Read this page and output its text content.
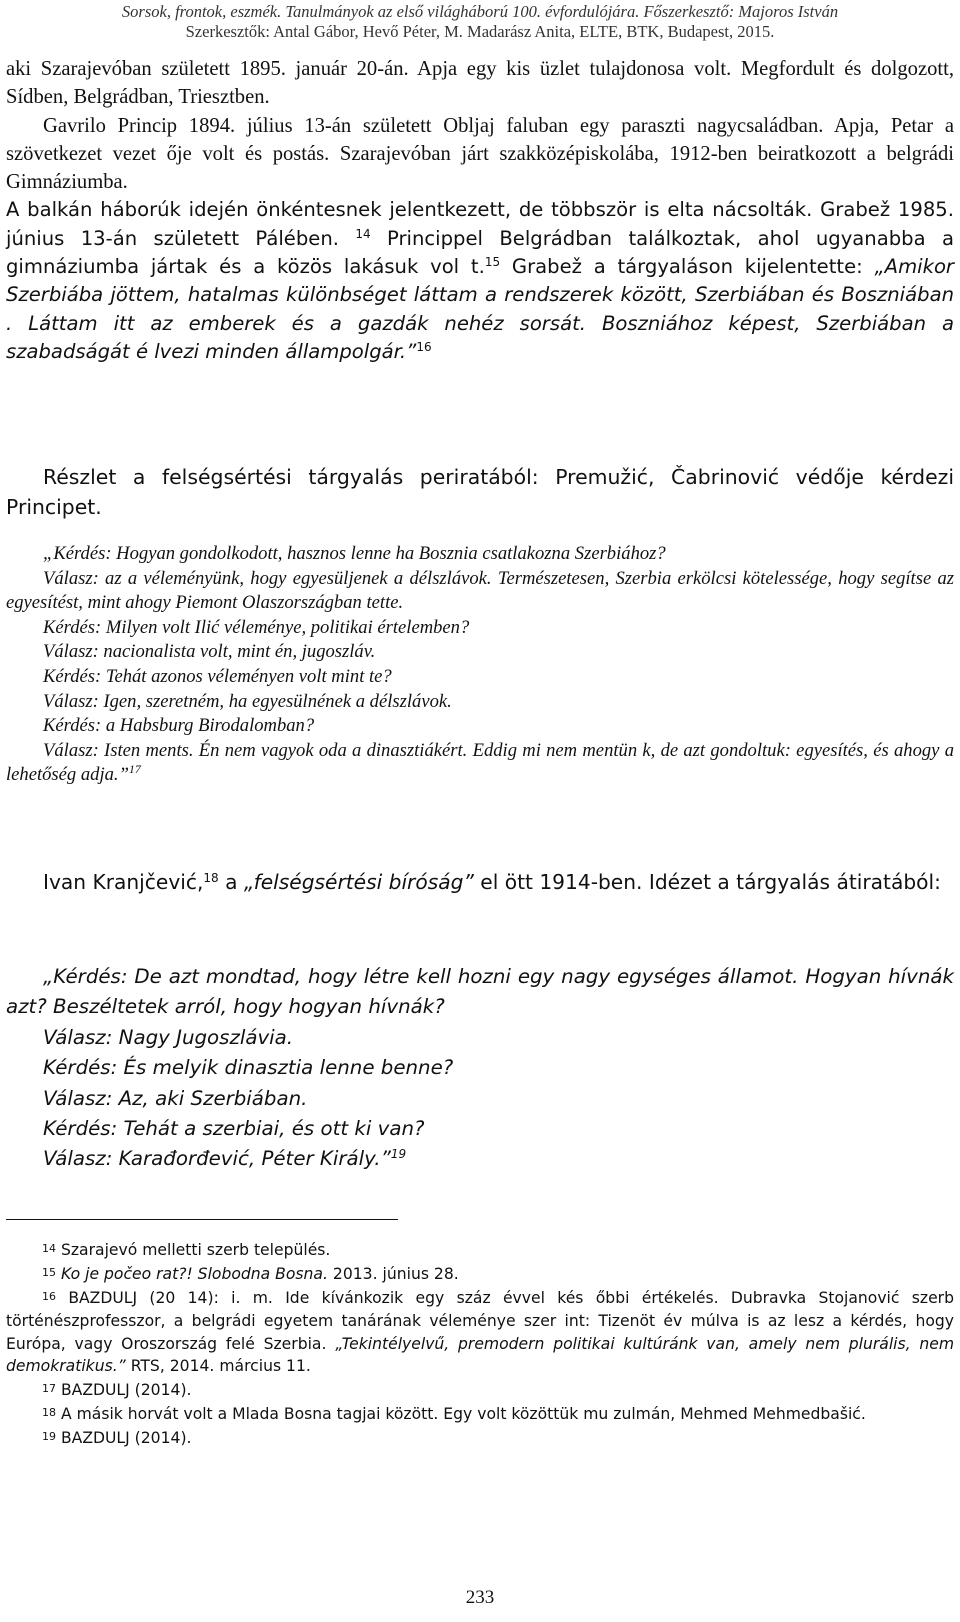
Sorsok, frontok, eszmék. Tanulmányok az első világháború 100. évfordulójára. Főszerkesztő: Majoros István
Szerkesztők: Antal Gábor, Hevő Péter, M. Madarász Anita, ELTE, BTK, Budapest, 2015.

aki Szarajevóban született 1895. január 20-án. Apja egy kis üzlet tulajdonosa volt. Megfordult és dolgozott, Sídben, Belgrádban, Triesztben.

Gavrilo Princip 1894. július 13-án született Obljaj faluban egy paraszti nagycsaládban. Apja, Petar a szövetkezet vezet ője volt és postás. Szarajevóban járt szakközépiskolába, 1912-ben beiratkozott a belgrádi Gimnáziumba.

A balkán háborúk idején önkéntesnek jelentkezett, de többször is elta nácsolták. Grabež 1985. június 13-án született Pálében. $^{14}$ Princippel Belgrádban találkoztak, ahol ugyanabba a gimnáziumba jártak és a közös lakásuk vol t.$^{15}$ Grabež a tárgyaláson kijelentette: „Amikor Szerbiába jöttem, hatalmas különbséget láttam a rendszerek között, Szerbiában és Boszniában . Láttam itt az emberek és a gazdák nehéz sorsát. Boszniához képest, Szerbiában a szabadságát é lvezi minden állampolgár.”$^{16}$

Részlet a felségsértési tárgyalás periratából: Premužić, Čabrinović védője kérdezi Principet.

„Kérdés: Hogyan gondolkodott, hasznos lenne ha Bosznia csatlakozna Szerbiához?

Válasz: az a véleményünk, hogy egyesüljenek a délszlávok. Természetesen, Szerbia erkölcsi kötelessége, hogy segítse az egyesítést, mint ahogy Piemont Olaszországban tette.

Kérdés: Milyen volt Ilić véleménye, politikai értelemben?

Válasz: nacionalista volt, mint én, jugoszláv.

Kérdés: Tehát azonos véleményen volt mint te?

Válasz: Igen, szeretném, ha egyesülnének a délszlávok.

Kérdés: a Habsburg Birodalomban?

Válasz: Isten ments. Én nem vagyok oda a dinasztiákért. Eddig mi nem mentün k, de azt gondoltuk: egyesítés, és ahogy a lehetőség adja.”$^{17}$

Ivan Kranjčević,$^{18}$ a „felségsértési bíróság” el ött 1914-ben. Idézet a tárgyalás átiratából:

„Kérdés: De azt mondtad, hogy létre kell hozni egy nagy egységes államot. Hogyan hívnák azt? Beszéltetek arról, hogy hogyan hívnák?

Válasz: Nagy Jugoszlávia.

Kérdés: És melyik dinasztia lenne benne?

Válasz: Az, aki Szerbiában.

Kérdés: Tehát a szerbiai, és ott ki van?

Válasz: Karađorđević, Péter Király.”$^{19}$

$^{14}$ Szarajevó melletti szerb település.

$^{15}$ Ko je počeo rat?! Slobodna Bosna. 2013. június 28.

$^{16}$ BAZDULJ (20 14): i. m. Ide kívánkozik egy száz évvel kés őbbi értékelés. Dubravka Stojanović szerb történészprofesszor, a belgrádi egyetem tanárának véleménye szer int: Tizenöt év múlva is az lesz a kérdés, hogy Európa, vagy Oroszország felé Szerbia. „Tekintélyelvű, premodern politikai kultúránk van, amely nem plurális, nem demokratikus.” RTS, 2014. március 11.

$^{17}$ BAZDULJ (2014).

$^{18}$ A másik horvát volt a Mlada Bosna tagjai között. Egy volt közöttük mu zulmán, Mehmed Mehmedbašić.

$^{19}$ BAZDULJ (2014).

233
